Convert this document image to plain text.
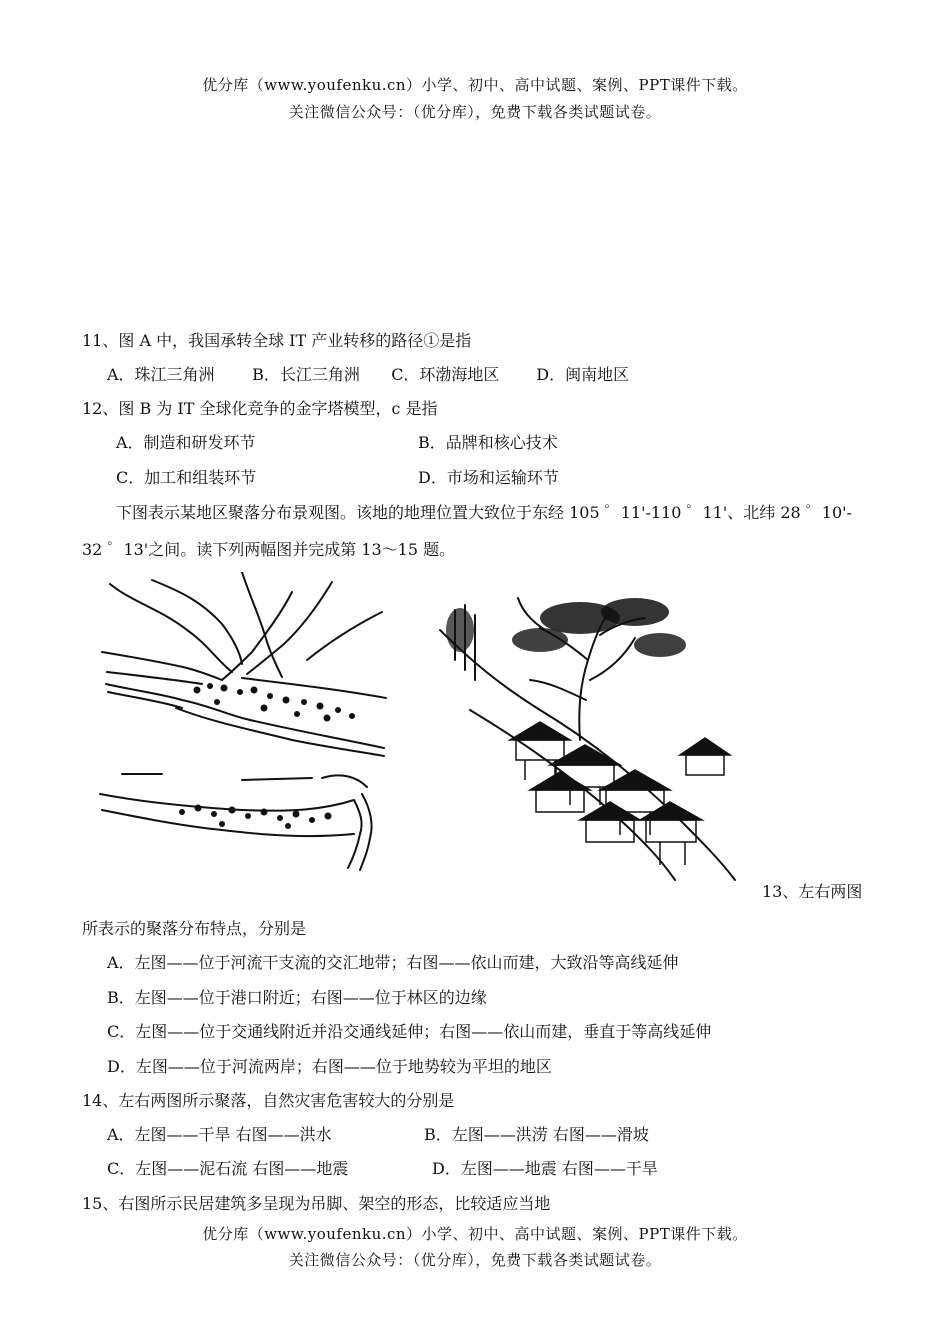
优分库（www.youfenku.cn）小学、初中、高中试题、案例、PPT课件下载。
关注微信公众号：（优分库），免费下载各类试题试卷。
11、图 A 中，我国承转全球 IT 产业转移的路径①是指
A．珠江三角洲 B．长江三角洲 C．环渤海地区 D．闽南地区
12、图 B 为 IT 全球化竞争的金字塔模型，c 是指
A．制造和研发环节	B．品牌和核心技术
C．加工和组装环节	D．市场和运输环节
下图表示某地区聚落分布景观图。该地的地理位置大致位于东经 105 ゜11'-110 ゜11'、北纬 28 ゜10'-
32 ゜13'之间。读下列两幅图并完成第 13～15 题。
13、左右两图
所表示的聚落分布特点，分别是
A．左图——位于河流干支流的交汇地带；右图——依山而建，大致沿等高线延伸
B．左图——位于港口附近；右图——位于林区的边缘
C．左图——位于交通线附近并沿交通线延伸；右图——依山而建，垂直于等高线延伸
D．左图——位于河流两岸；右图——位于地势较为平坦的地区
14、左右两图所示聚落，自然灾害危害较大的分别是
A．左图——干旱 右图——洪水	B．左图——洪涝 右图——滑坡
C．左图——泥石流 右图——地震	D．左图——地震 右图——干旱
15、右图所示民居建筑多呈现为吊脚、架空的形态，比较适应当地
优分库（www.youfenku.cn）小学、初中、高中试题、案例、PPT课件下载。
关注微信公众号：（优分库），免费下载各类试题试卷。
